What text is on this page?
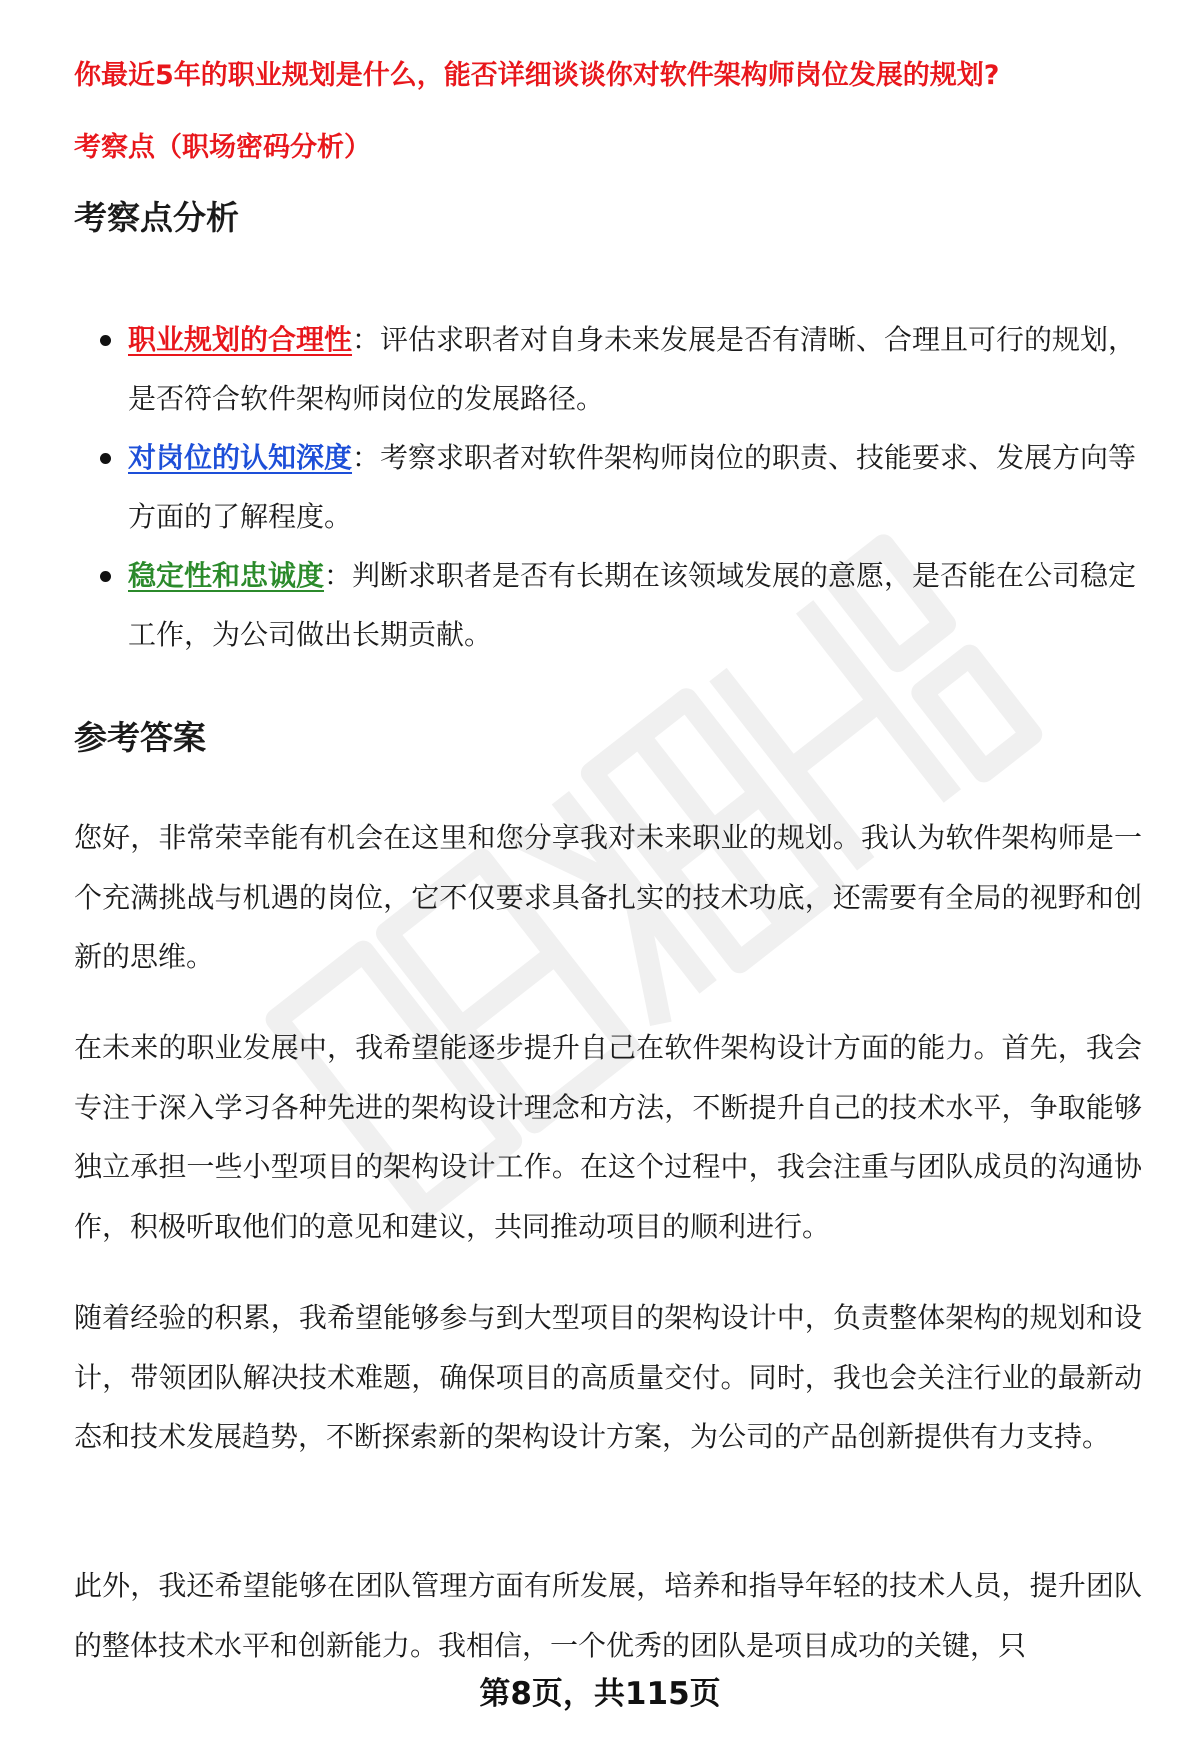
你最近5年的职业规划是什么，能否详细谈谈你对软件架构师岗位发展的规划?
考察点（职场密码分析）
考察点分析
职业规划的合理性：评估求职者对自身未来发展是否有清晰、合理且可行的规划，是否符合软件架构师岗位的发展路径。
对岗位的认知深度：考察求职者对软件架构师岗位的职责、技能要求、发展方向等方面的了解程度。
稳定性和忠诚度：判断求职者是否有长期在该领域发展的意愿，是否能在公司稳定工作，为公司做出长期贡献。
参考答案

您好，非常荣幸能有机会在这里和您分享我对未来职业的规划。我认为软件架构师是一个充满挑战与机遇的岗位，它不仅要求具备扎实的技术功底，还需要有全局的视野和创新的思维。

在未来的职业发展中，我希望能逐步提升自己在软件架构设计方面的能力。首先，我会专注于深入学习各种先进的架构设计理念和方法，不断提升自己的技术水平，争取能够独立承担一些小型项目的架构设计工作。在这个过程中，我会注重与团队成员的沟通协作，积极听取他们的意见和建议，共同推动项目的顺利进行。

随着经验的积累，我希望能够参与到大型项目的架构设计中，负责整体架构的规划和设计，带领团队解决技术难题，确保项目的高质量交付。同时，我也会关注行业的最新动态和技术发展趋势，不断探索新的架构设计方案，为公司的产品创新提供有力支持。

此外，我还希望能够在团队管理方面有所发展，培养和指导年轻的技术人员，提升团队的整体技术水平和创新能力。我相信，一个优秀的团队是项目成功的关键，只

第8页，共115页
